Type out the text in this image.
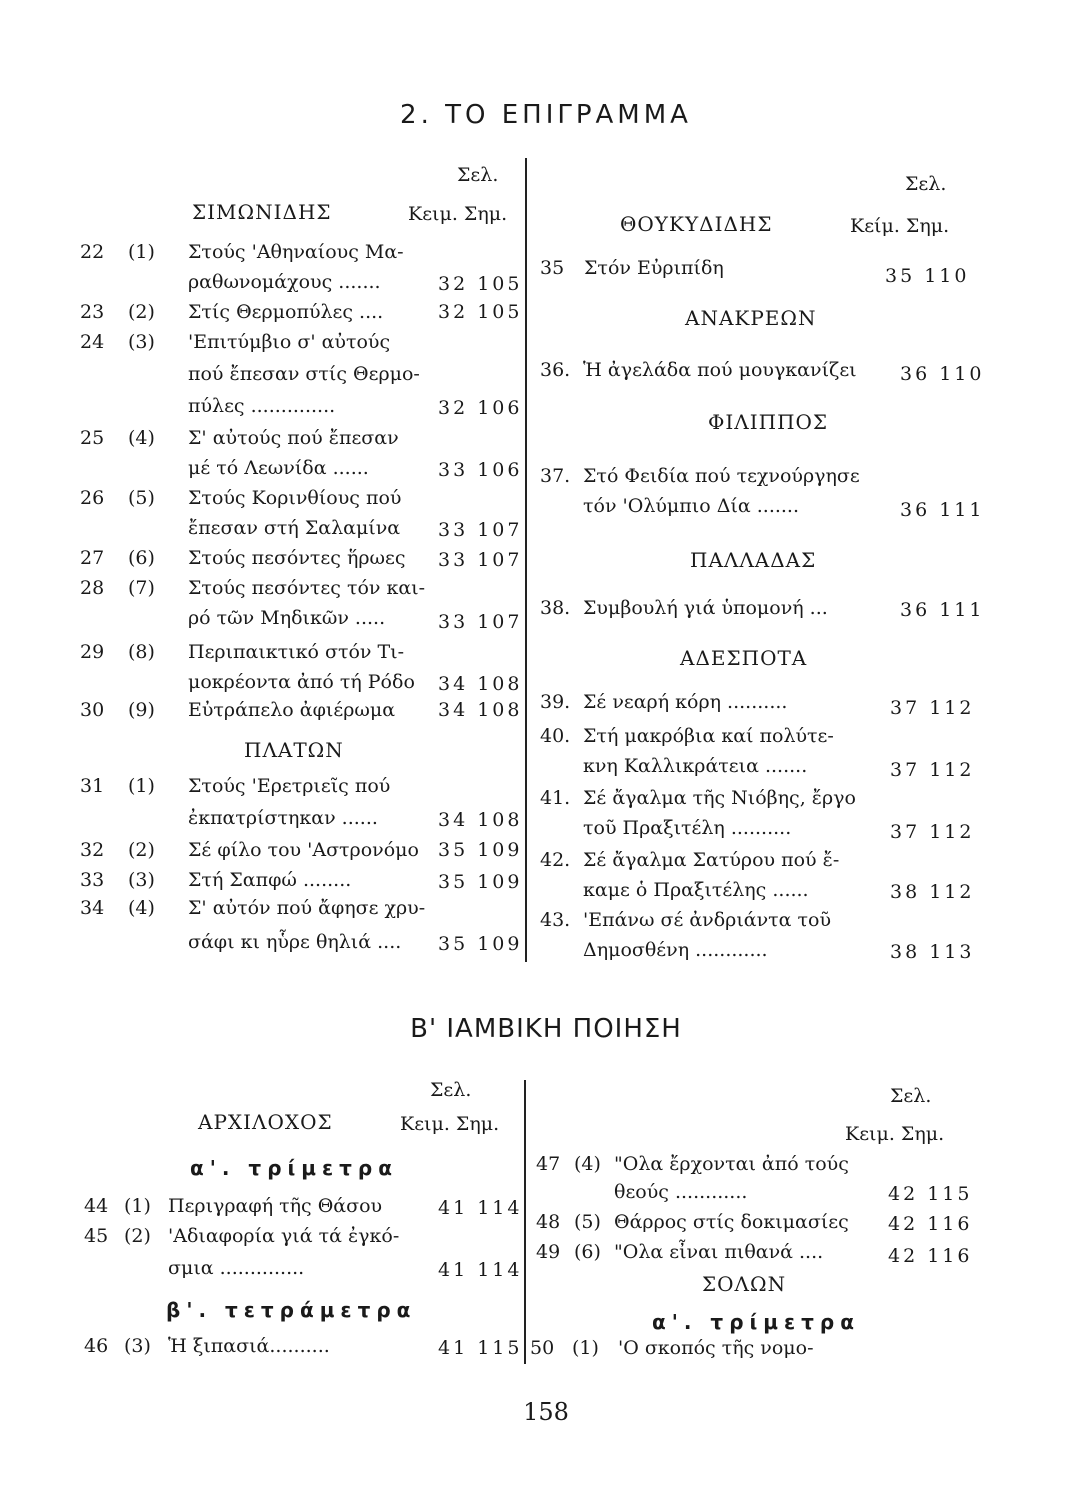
2. ΤΟ ΕΠΙΓΡΑΜΜΑ
Σελ.
ΣΙΜΩΝΙΔΗΣ	Κειμ. Σημ.
22 (1) Στούς 'Αθηναίους Μα-
ραθωνομάχους .......	32 105
23 (2) Στίς Θερμοπύλες ....	32 105
24 (3) 'Επιτύμβιο σ' αὐτούς
πού ἔπεσαν στίς Θερμο-
πύλες ..............	32 106
25 (4) Σ' αὐτούς πού ἔπεσαν
μέ τό Λεωνίδα ......	33 106
26 (5) Στούς Κορινθίους πού
ἔπεσαν στή Σαλαμίνα 33 107
27 (6) Στούς πεσόντες ἥρωες 33 107
28 (7) Στούς πεσόντες τόν και-
ρό τῶν Μηδικῶν .....	33 107
29 (8) Περιπαικτικό στόν Τι-
μοκρέοντα ἀπό τή Ρόδο 34 108
30 (9) Εὐτράπελο ἀφιέρωμα 34 108
ΠΛΑΤΩΝ
31 (1) Στούς 'Ερετριεῖς πού
ἐκπατρίστηκαν ......	34 108
32 (2) Σέ φίλο του 'Αστρονόμο 35 109
33 (3) Στή Σαπφώ ........	35 109
34 (4) Σ' αὐτόν πού ἄφησε χρυ-
σάφι κι ηὗρε θηλιά .... 35 109
Σελ.
ΘΟΥΚΥΔΙΔΗΣ	Κείμ. Σημ.
35 Στόν Εὐριπίδη	35 110
ΑΝΑΚΡΕΩΝ
36. Ἡ ἀγελάδα πού μουγκανίζει 36 110
ΦΙΛΙΠΠΟΣ
37. Στό Φειδία πού τεχνούργησε
τόν 'Ολύμπιο Δία .......	36 111
ΠΑΛΛΑΔΑΣ
38. Συμβουλή γιά ὑπομονή ...	36 111
ΑΔΕΣΠΟΤΑ
39. Σέ νεαρή κόρη ..........	37 112
40. Στή μακρόβια καί πολύτε-
κνη Καλλικράτεια .......	37 112
41. Σέ ἄγαλμα τῆς Νιόβης, ἔργο
τοῦ Πραξιτέλη ..........	37 112
42. Σέ ἄγαλμα Σατύρου πού ἔ-
καμε ὁ Πραξιτέλης ......	38 112
43. 'Επάνω σέ ἀνδριάντα τοῦ
Δημοσθένη ............	38 113
Β' ΙΑΜΒΙΚΗ ΠΟΙΗΣΗ
Σελ.
ΑΡΧΙΛΟΧΟΣ	Κειμ. Σημ.
α'. τρίμετρα
44 (1) Περιγραφή τῆς Θάσου	41 114
45 (2) 'Αδιαφορία γιά τά ἐγκό-
σμια ..............	41 114
β'. τετράμετρα
46 (3) Ἡ ξιπασιά..........	41 115
Σελ.
Κειμ. Σημ.
47 (4) "Ολα ἔρχονται ἀπό τούς
θεούς ............	42 115
48 (5) Θάρρος στίς δοκιμασίες 42 116
49 (6) "Ολα εἶναι πιθανά ....	42 116
ΣΟΛΩΝ
α'. τρίμετρα
50 (1) 'Ο σκοπός τῆς νομο-
158
